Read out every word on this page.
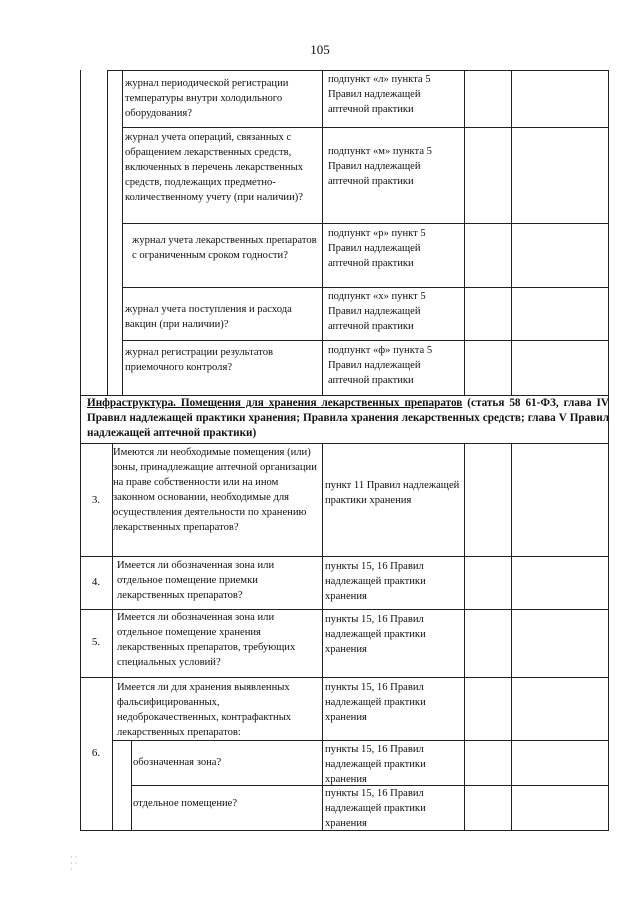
105
журнал периодической регистрации температуры внутри холодильного оборудования?
подпункт «л» пункта 5 Правил надлежащей аптечной практики
журнал учета операций, связанных с обращением лекарственных средств, включенных в перечень лекарственных средств, подлежащих предметно-количественному учету (при наличии)?
подпункт «м» пункта 5 Правил надлежащей аптечной практики
журнал учета лекарственных препаратов с ограниченным сроком годности?
подпункт «р» пункт 5 Правил надлежащей аптечной практики
журнал учета поступления и расхода вакцин (при наличии)?
подпункт «х» пункт 5 Правил надлежащей аптечной практики
журнал регистрации результатов приемочного контроля?
подпункт «ф» пункта 5 Правил надлежащей аптечной практики
Инфраструктура. Помещения для хранения лекарственных препаратов (статья 58 61-ФЗ, глава IV Правил надлежащей практики хранения; Правила хранения лекарственных средств; глава V Правил надлежащей аптечной практики)
3.
Имеются ли необходимые помещения (или) зоны, принадлежащие аптечной организации на праве собственности или на ином законном основании, необходимые для осуществления деятельности по хранению лекарственных препаратов?
пункт 11 Правил надлежащей практики хранения
4.
Имеется ли обозначенная зона или отдельное помещение приемки лекарственных препаратов?
пункты 15, 16 Правил надлежащей практики хранения
5.
Имеется ли обозначенная зона или отдельное помещение хранения лекарственных препаратов, требующих специальных условий?
пункты 15, 16 Правил надлежащей практики хранения
6.
Имеется ли для хранения выявленных фальсифицированных, недоброкачественных, контрафактных лекарственных препаратов:
пункты 15, 16 Правил надлежащей практики хранения
обозначенная зона?
пункты 15, 16 Правил надлежащей практики хранения
отдельное помещение?
пункты 15, 16 Правил надлежащей практики хранения
· · · · ·
